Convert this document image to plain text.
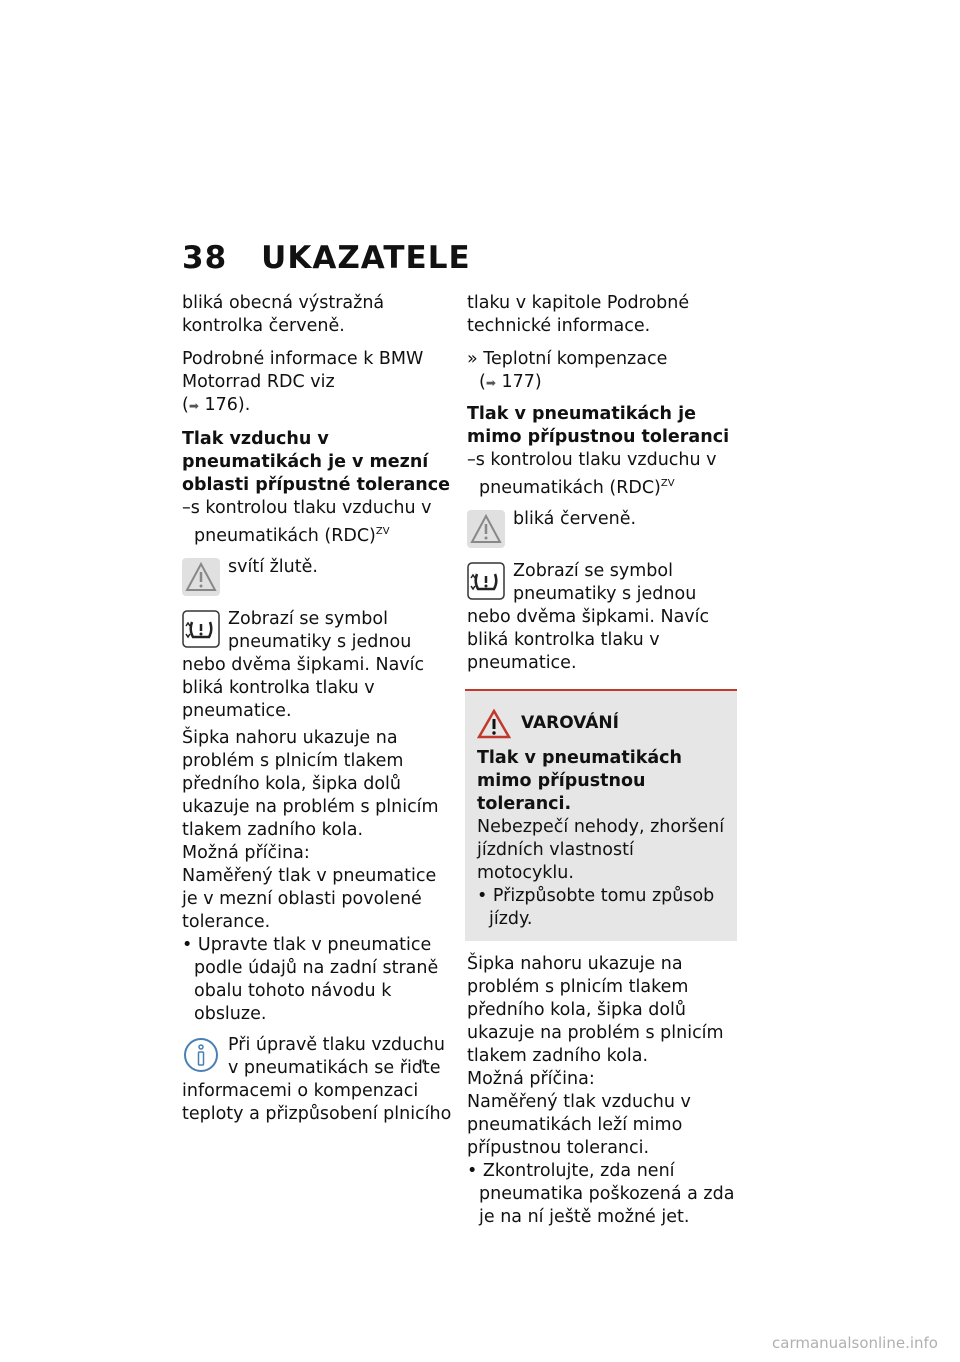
38 UKAZATELE

bliká obecná výstražná kontrolka červeně.

Podrobné informace k BMW Motorrad RDC viz
(➡ 176).

Tlak vzduchu v pneumatikách je v mezní oblasti přípustné tolerance

–s kontrolou tlaku vzduchu v pneumatikách (RDC)$^{ZV}$

svítí žlutě.
Zobrazí se symbol pneumatiky s jednou nebo dvěma šipkami. Navíc bliká kontrolka tlaku v pneumatice.

Šipka nahoru ukazuje na problém s plnicím tlakem předního kola, šipka dolů ukazuje na problém s plnicím tlakem zadního kola.

Možná příčina:

Naměřený tlak v pneumatice je v mezní oblasti povolené tolerance.

• Upravte tlak v pneumatice podle údajů na zadní straně obalu tohoto návodu k obsluze.

Při úpravě tlaku vzduchu v pneumatikách se řiďte informacemi o kompenzaci teploty a přizpůsobení plnicího

tlaku v kapitole Podrobné technické informace.

» Teplotní kompenzace
(➡ 177)

Tlak v pneumatikách je mimo přípustnou toleranci

–s kontrolou tlaku vzduchu v pneumatikách (RDC)$^{ZV}$

bliká červeně.
Zobrazí se symbol pneumatiky s jednou nebo dvěma šipkami. Navíc bliká kontrolka tlaku v pneumatice.
VAROVÁNÍ

Tlak v pneumatikách mimo přípustnou toleranci.

Nebezpečí nehody, zhoršení jízdních vlastností motocyklu.

• Přizpůsobte tomu způsob jízdy.

Šipka nahoru ukazuje na problém s plnicím tlakem předního kola, šipka dolů ukazuje na problém s plnicím tlakem zadního kola.

Možná příčina:

Naměřený tlak vzduchu v pneumatikách leží mimo přípustnou toleranci.

• Zkontrolujte, zda není pneumatika poškozená a zda je na ní ještě možné jet.

carmanualsonline.info
